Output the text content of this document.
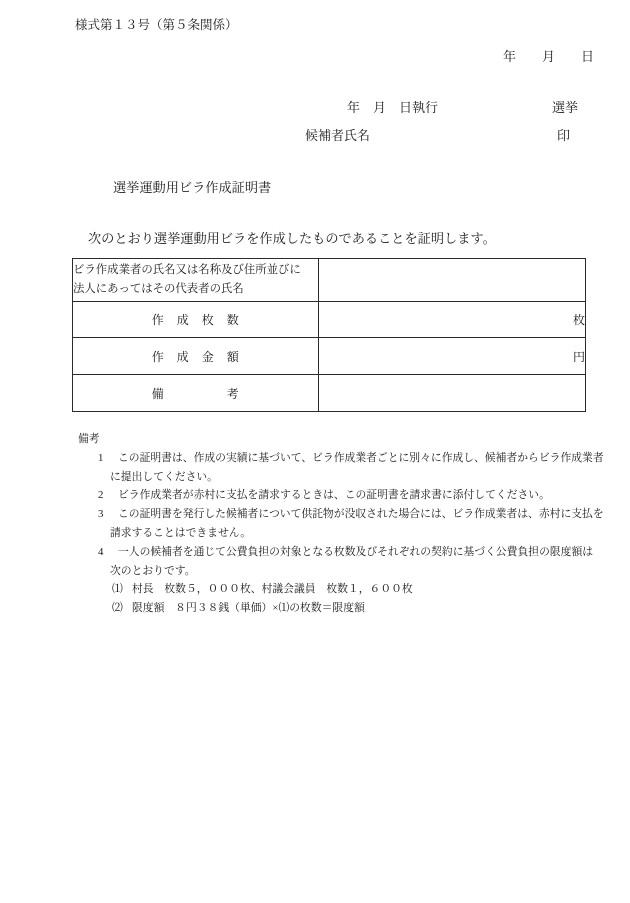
様式第１３号（第５条関係）
年　　月　　日
年　月　日執行	選挙
候補者氏名	印
選挙運動用ビラ作成証明書
次のとおり選挙運動用ビラを作成したものであることを証明します。
ビラ作成業者の氏名又は名称及び住所並びに
法人にあってはその代表者の氏名	

作　成　枚　数	枚
作　成　金　額	円
備　　　　　考	
備考
1 この証明書は、作成の実績に基づいて、ビラ作成業者ごとに別々に作成し、候補者からビラ作成業者
に提出してください。
2 ビラ作成業者が赤村に支払を請求するときは、この証明書を請求書に添付してください。
3 この証明書を発行した候補者について供託物が没収された場合には、ビラ作成業者は、赤村に支払を
請求することはできません。
4 一人の候補者を通じて公費負担の対象となる枚数及びそれぞれの契約に基づく公費負担の限度額は
次のとおりです。
⑴ 村長　枚数５，０００枚、村議会議員　枚数１，６００枚
⑵ 限度額　８円３８銭（単価）×⑴の枚数＝限度額
